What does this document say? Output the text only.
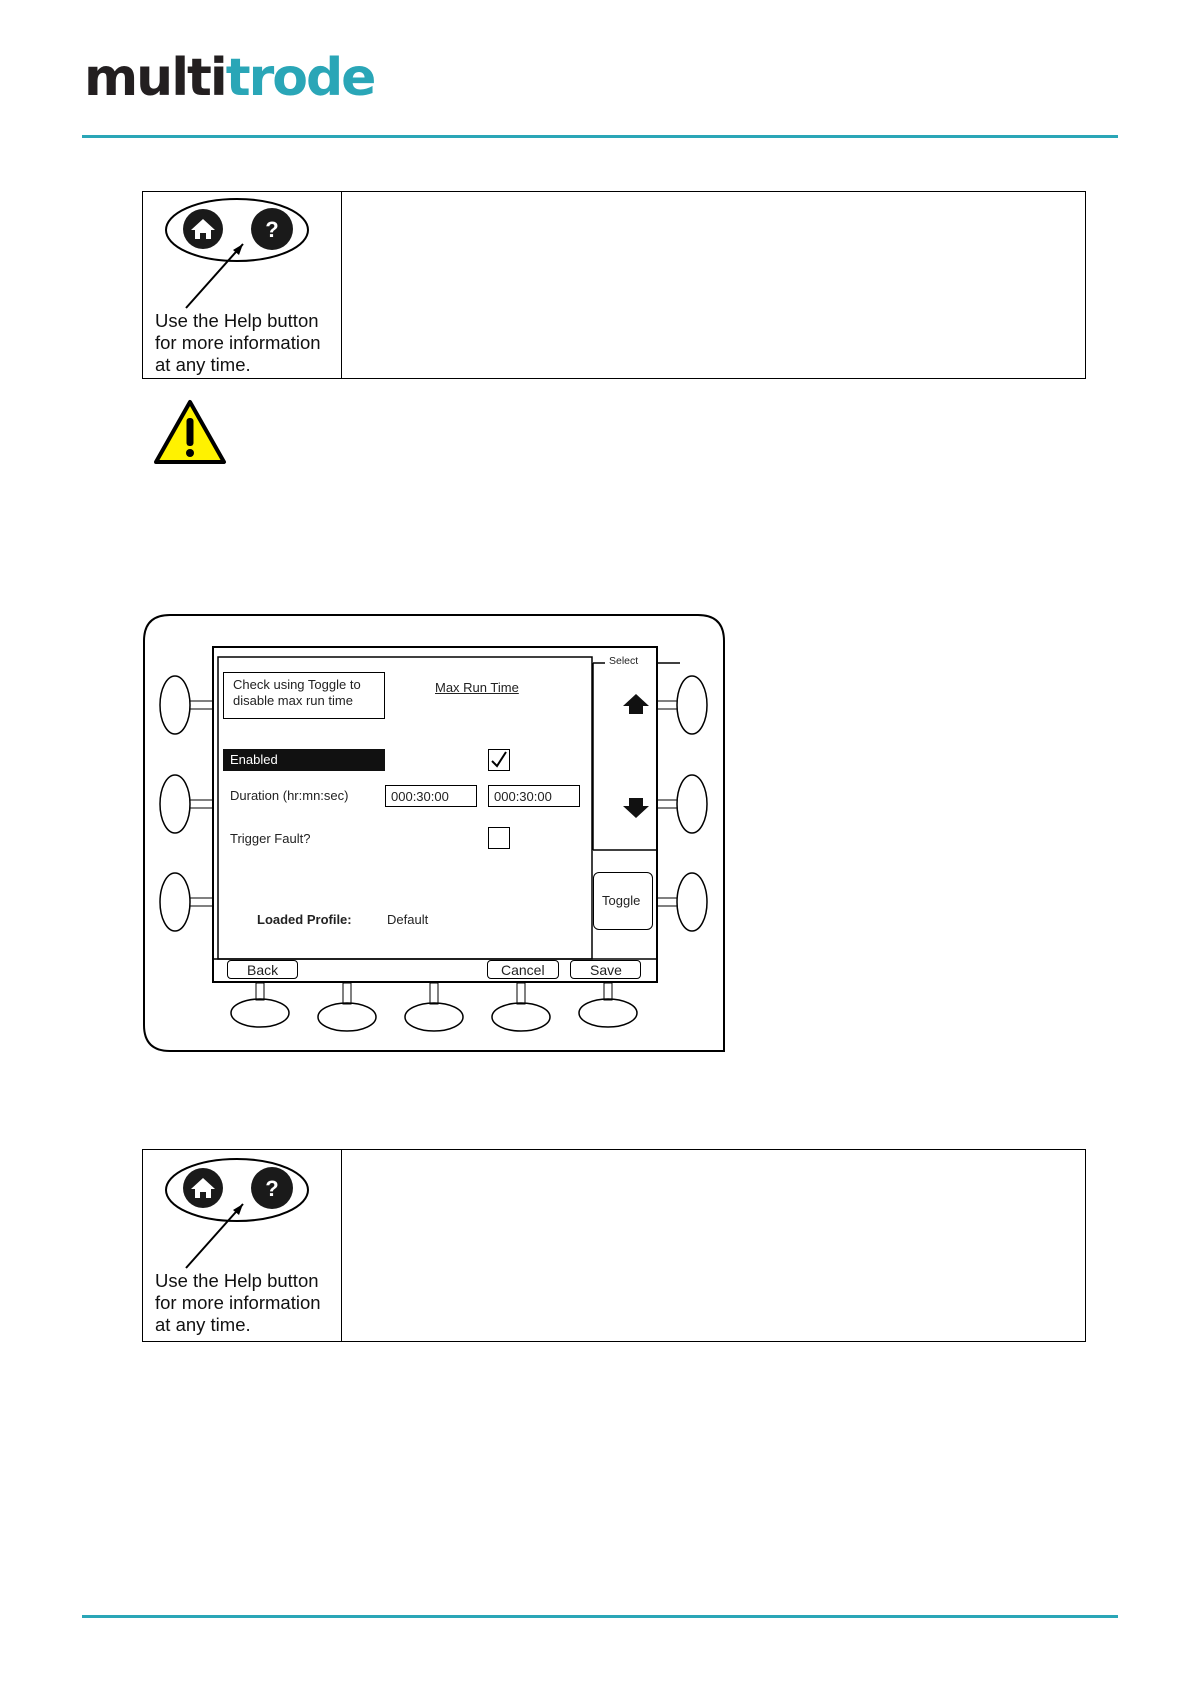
multitrode
?
Use the Help button
for more information
at any time.
Check using Toggle to
disable max run time
Max Run Time
Select
Enabled
Duration (hr:mn:sec)	000:30:00	000:30:00
Trigger Fault?
Loaded Profile:	Default
Toggle
Back	Cancel	Save
?
Use the Help button
for more information
at any time.
